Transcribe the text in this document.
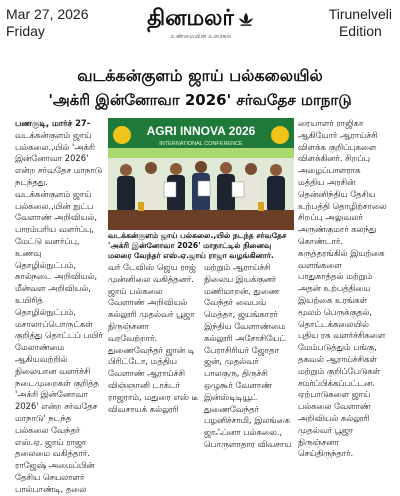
Mar 27, 2026
Friday	தினமலர்
உண்மையின் உரைகல்
Tirunelveli
Edition
வடக்கன்குளம் ஜாய் பல்கலையில்
'அக்ரி இன்னோவா 2026' சர்வதேச மாநாடு

பணகுடி, மார்ச் 27-

வடக்கன்குளம் ஜாய் பல்கலை.,யில் 'அக்ரி இன்னோவா 2026' என்ற சர்வதேச மாநாடு நடந்தது. வடக்கன்குளம் ஜாய் பல்கலை.,யின் நுட்ப வேளாண் அறிவியல், பாரம்பரிய வளர்ப்பு, மேட்டு வளர்ப்பு, உணவு தொழில்நுட்பம், கால்நடை அறிவியல், மீன்வள அறிவியல், உயிரித் தொழில்நுட்பம், மசாலாப்பொருட்கள் குறித்து தொட்டப் பயிர் மேலாண்மை ஆகியவற்றில் நிலையான வளர்ச்சி நடைமுறைகள் குறித்த 'அக்ரி இன்னோவா 2026' என்ற சர்வதேச மாநாடு' நடந்த பல்கலை வேந்தர் எஸ்.ஏ. ஜாய் ராஜா தலைமை வகித்தார். ராஜேஷ் அமைப்பின் தேசிய செயலாளர் பால்பாண்டி, தலை

AGRI INNOVA 2026
INTERNATIONAL CONFERENCE
வடக்கன்குளம் ஜாய் பல்கலை.,யில் நடந்த சர்வதேச 'அக்ரி இன்னோவா 2026' மாநாட்டில் நினைவு மலரை வேந்தர் எஸ்.ஏ.ஜாய் ராஜா வழங்கினார்.

வர் டேவிஸ் ஜெய ராஜ் முன்னிலை வகித்தனர். ஜாய் பல்கலை வேளாண் அறிவியல் கல்லூரி முதல்வர் பூஜா நிருஞ்சனா வரவேற்றார். துணைவேந்தர் ஜான் டி பிரிட்டோ, மத்திய வேளாண் ஆராய்ச்சி விஞ்ஞானி டாக்டர் ராஜராம், மதுரை எஸ் டீ விவசாயக் கல்லூரி

மற்றும் ஆராய்ச்சி நிலைய இயக்குனர் மணிமாறன், துணை வேந்தர் வைபவ் மெத்தா, ஜயங்காரர் இந்திய வேளாண்மை கல்லூரி அசோசியேட் பேராசிரியர் ஜோதா ஜன், முதல்வர் பாலகுரு, திருச்சி ஒழுகூர் வேளாண் இன்ஸ்டிடியூட் துணைவேந்தர் பழனிச்சாமி, இலங்கை ஜாஃப்னா பல்கலை., பொருளாதார விவசாய

ரையாளர் ராஜிகா ஆகியோர் ஆராய்ச்சி விளக்க குறிப்புகளை விளக்கினர். சிறப்பு அழைப்பாளராக மத்திய அரசின் தென்னிந்திய தேசிய உற்பத்தி தொழிற்சாலை சிறப்பு அலுவலர் அருண்குமார் கலந்து கொண்டார். கருத்தரங்கில் இயற்கை வளங்களை பாதுகாத்தல் மற்றும் அதன் உற்பத்தியை இயற்கை உரங்கள் மூலம் பெருக்குதல், தொட்டக்கலையில் புதிய ரக வளர்ச்சிகளை மேம்படுத்தும் பங்கு, தகவல் ஆராய்ச்சிகள் மற்றும் குறிப்பேடுகள் சமர்ப்பிக்கப்பட்டன. ஏற்பாடுகளை ஜாய் பல்கலை வேளாண் அறிவியல் கல்லூரி முதல்வர் பூஜா நிருஞ்சனா செய்திருந்தார்.
